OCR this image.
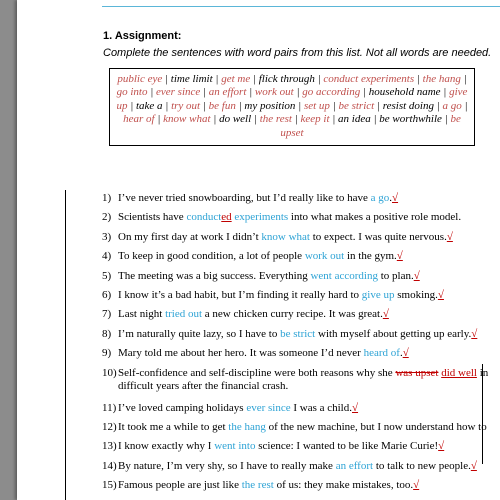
1. Assignment:
Complete the sentences with word pairs from this list. Not all words are needed.
public eye | time limit | get me | flick through | conduct experiments | the hang | go into | ever since | an effort | work out | go according | household name | give up | take a | try out | be fun | my position | set up | be strict | resist doing | a go | hear of | know what | do well | the rest | keep it | an idea | be worthwhile | be upset
1) I’ve never tried snowboarding, but I’d really like to have a go.√
2) Scientists have conducted experiments into what makes a positive role model.
3) On my first day at work I didn’t know what to expect. I was quite nervous.√
4) To keep in good condition, a lot of people work out in the gym.√
5) The meeting was a big success. Everything went according to plan.√
6) I know it’s a bad habit, but I’m finding it really hard to give up smoking.√
7) Last night tried out a new chicken curry recipe. It was great.√
8) I’m naturally quite lazy, so I have to be strict with myself about getting up early.√
9) Mary told me about her hero. It was someone I’d never heard of.√
10)Self-confidence and self-discipline were both reasons why she was upset did well in difficult years after the financial crash.
11) I’ve loved camping holidays ever since I was a child.√
12)It took me a while to get the hang of the new machine, but I now understand how to
13)I know exactly why I went into science: I wanted to be like Marie Curie!√
14)By nature, I’m very shy, so I have to really make an effort to talk to new people.√
15)Famous people are just like the rest of us: they make mistakes, too.√
